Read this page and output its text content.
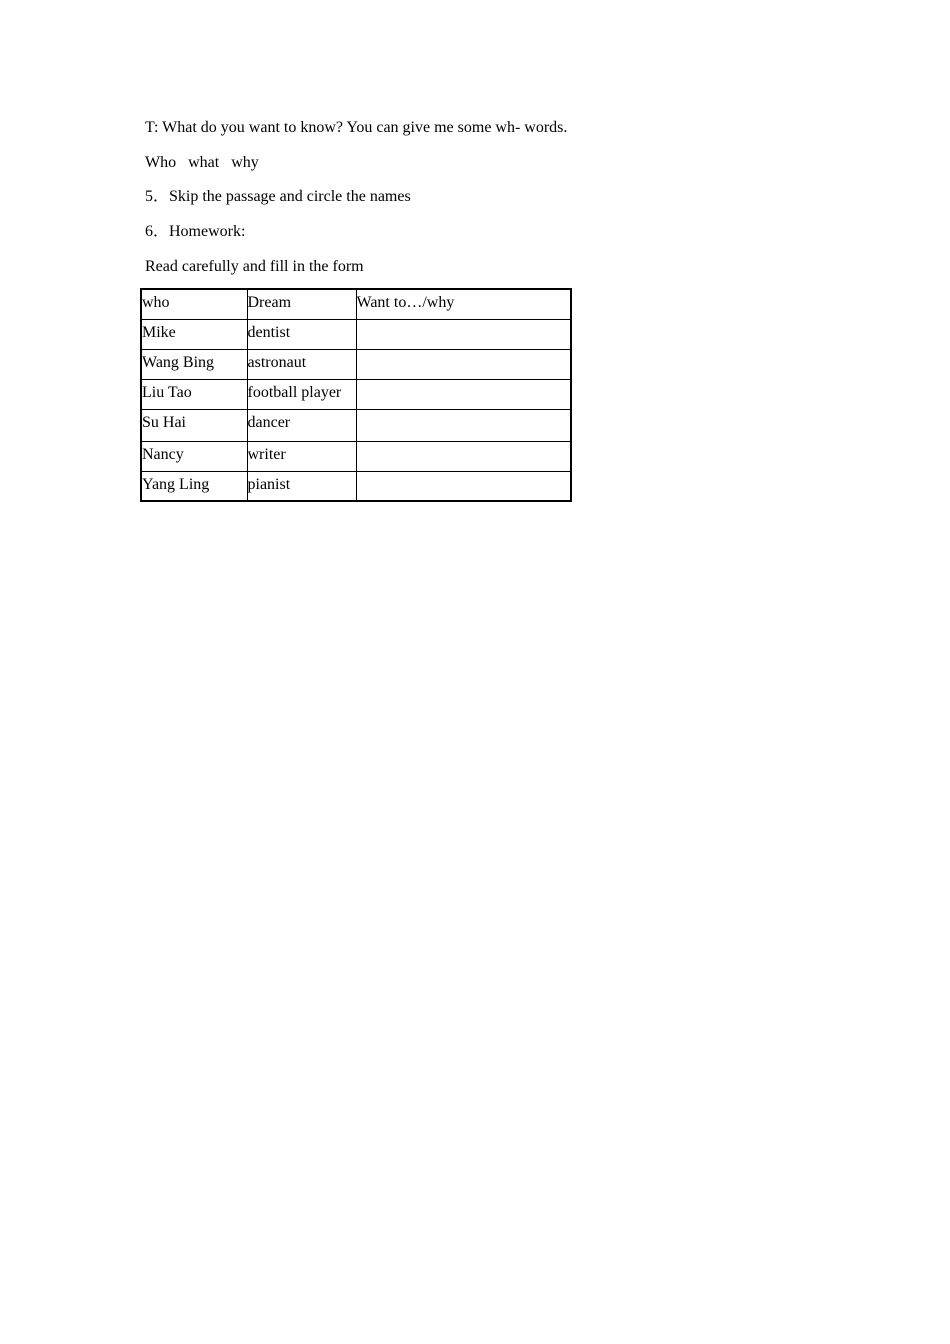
T: What do you want to know? You can give me some wh- words.
Who   what   why
5．Skip the passage and circle the names
6．Homework:
Read carefully and fill in the form
who	Dream	Want to…/why

Mike	dentist	

Wang Bing	astronaut	

Liu Tao	football player	

Su Hai	dancer	

Nancy	writer	

Yang Ling	pianist	
